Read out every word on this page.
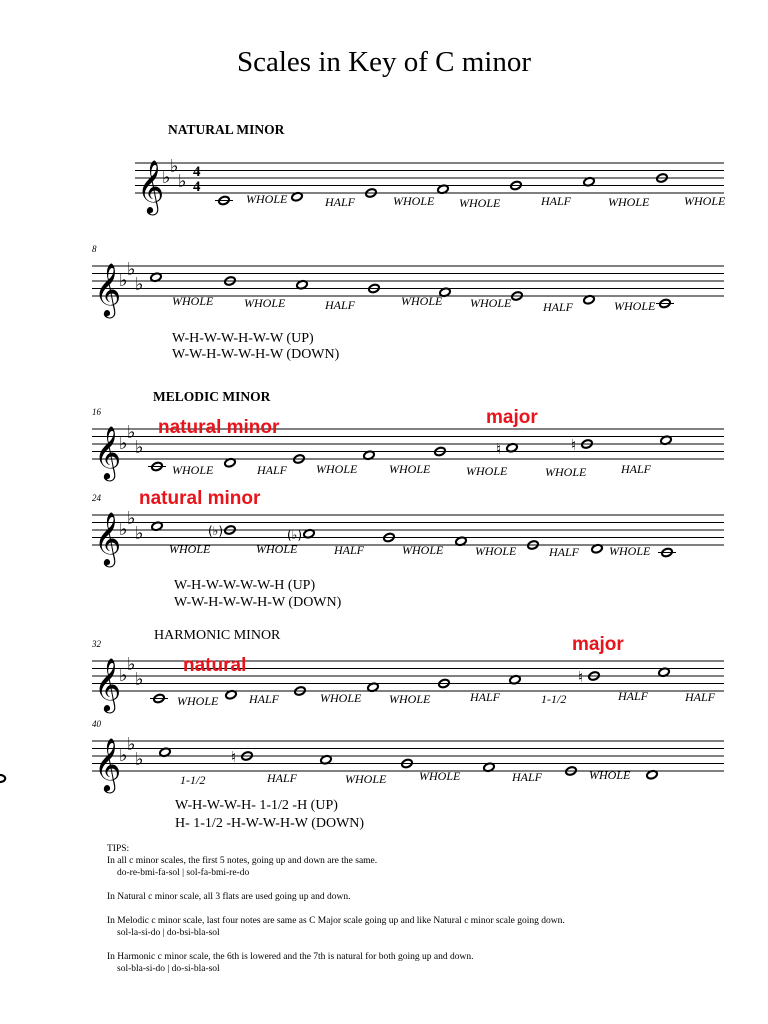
Scales in Key of C minor
NATURAL MINOR
𝄞
♭
♭
♭ 4
4
WHOLE	HALF	WHOLE WHOLE	HALF	WHOLE	WHOLE
8
𝄞
♭
♭
♭
WHOLE	WHOLE	HALF	WHOLE WHOLE	HALF	WHOLE
W-H-W-W-H-W-W (UP)
W-W-H-W-W-H-W (DOWN)
MELODIC MINOR
16
𝄞
♭
♭
♭	♮	♮
WHOLE	HALF WHOLE	WHOLE	WHOLE	WHOLE	HALF
natural minor	major
24
𝄞
♭
♭
♭	(♭)	(♭)
WHOLE	WHOLE	HALF	WHOLE	WHOLE	HALF	WHOLE
natural minor
W-H-W-W-W-W-H (UP)
W-W-H-W-W-H-W (DOWN)
HARMONIC MINOR
32
𝄞
♭
♭
♭	♮
WHOLE	HALF	WHOLE WHOLE	HALF	1-1/2	HALF	HALF
natural
major
40
𝄞
♭
♭
♭	♮
1-1/2	HALF	WHOLE	WHOLE	HALF	WHOLE
W-H-W-W-H- 1-1/2 -H (UP)
H- 1-1/2 -H-W-W-H-W (DOWN)
TIPS:
In all c minor scales, the first 5 notes, going up and down are the same.
do-re-bmi-fa-sol | sol-fa-bmi-re-do
In Natural c minor scale, all 3 flats are used going up and down.
In Melodic c minor scale, last four notes are same as C Major scale going up and like Natural c minor scale going down.
sol-la-si-do | do-bsi-bla-sol
In Harmonic c minor scale, the 6th is lowered and the 7th is natural for both going up and down.
sol-bla-si-do | do-si-bla-sol
